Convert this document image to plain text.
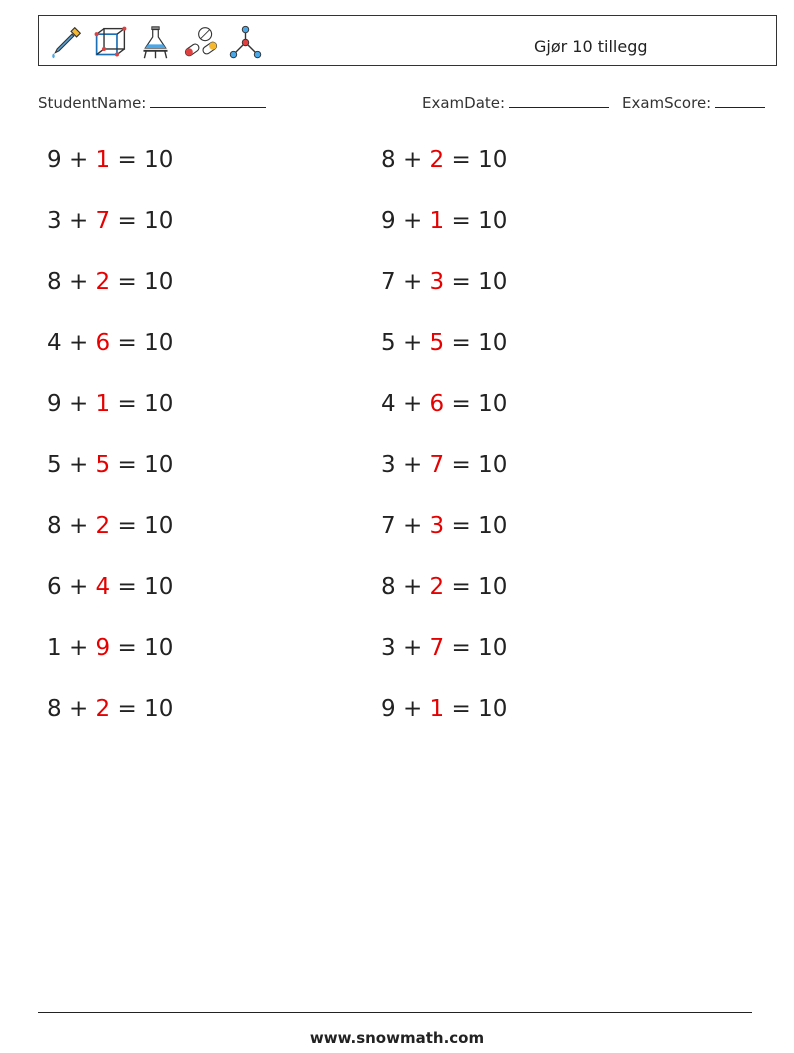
Gjør 10 tillegg
StudentName:	ExamDate:	ExamScore:
9 + 1 = 10
3 + 7 = 10
8 + 2 = 10
4 + 6 = 10
9 + 1 = 10
5 + 5 = 10
8 + 2 = 10
6 + 4 = 10
1 + 9 = 10
8 + 2 = 10
8 + 2 = 10
9 + 1 = 10
7 + 3 = 10
5 + 5 = 10
4 + 6 = 10
3 + 7 = 10
7 + 3 = 10
8 + 2 = 10
3 + 7 = 10
9 + 1 = 10
www.snowmath.com
